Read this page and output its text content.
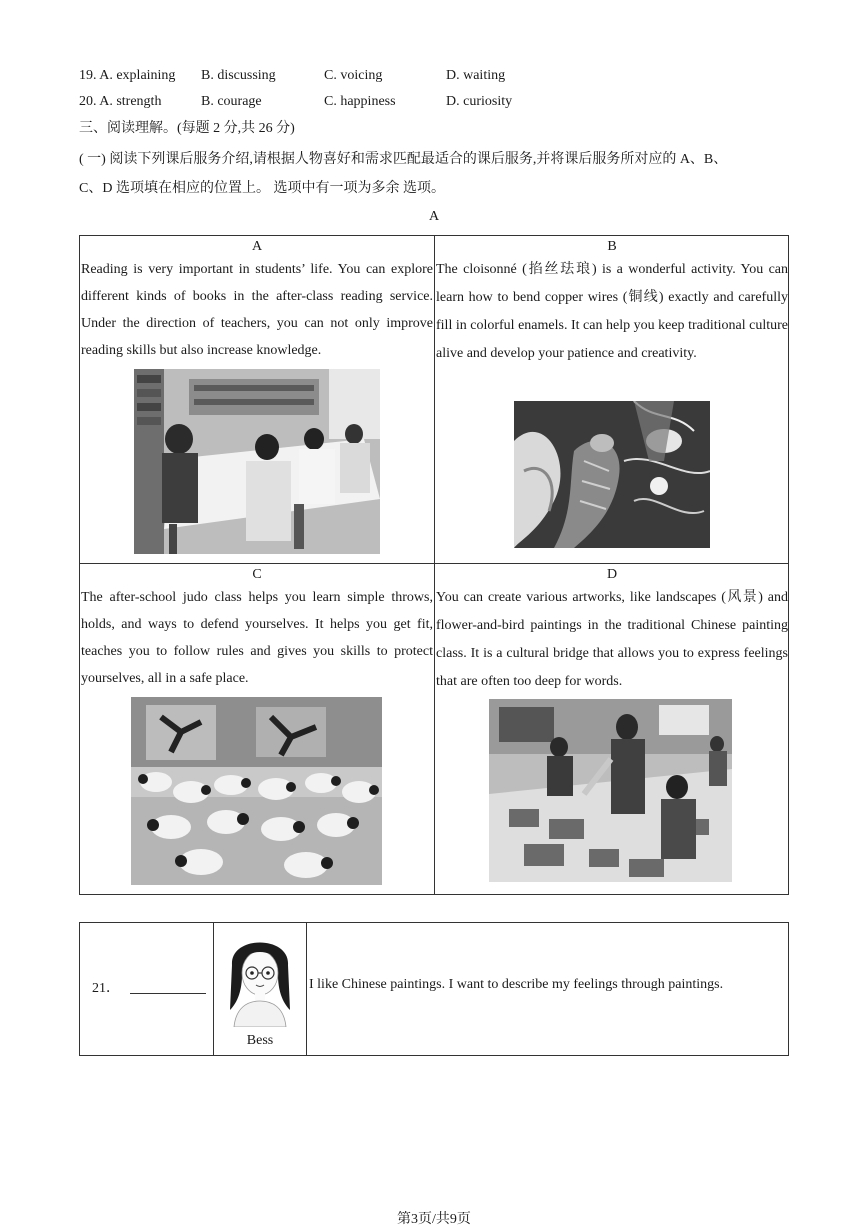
19. A. explaining B. discussing	C. voicing	D. waiting
20. A. strength	B. courage	C. happiness	D. curiosity
三、阅读理解。(每题 2 分,共 26 分)
( 一) 阅读下列课后服务介绍,请根据人物喜好和需求匹配最适合的课后服务,并将课后服务所对应的 A、B、
C、D 选项填在相应的位置上。 选项中有一项为多余 选项。
A
A
Reading is very important in students’ life. You can explore different kinds of books in the after-class reading service. Under the direction of teachers, you can not only improve reading skills but also increase knowledge.
B
The cloisonné (掐丝珐琅) is a wonderful activity. You can learn how to bend copper wires (铜线) exactly and carefully fill in colorful enamels. It can help you keep traditional culture alive and develop your patience and creativity.
C
The after-school judo class helps you learn simple throws, holds, and ways to defend yourselves. It helps you get fit, teaches you to follow rules and gives you skills to protect yourselves, all in a safe place.
D
You can create various artworks, like landscapes (风景) and flower-and-bird paintings in the traditional Chinese painting class. It is a cultural bridge that allows you to express feelings that are often too deep for words.
21．
Bess
I like Chinese paintings. I want to describe my feelings through paintings.
第3页/共9页
